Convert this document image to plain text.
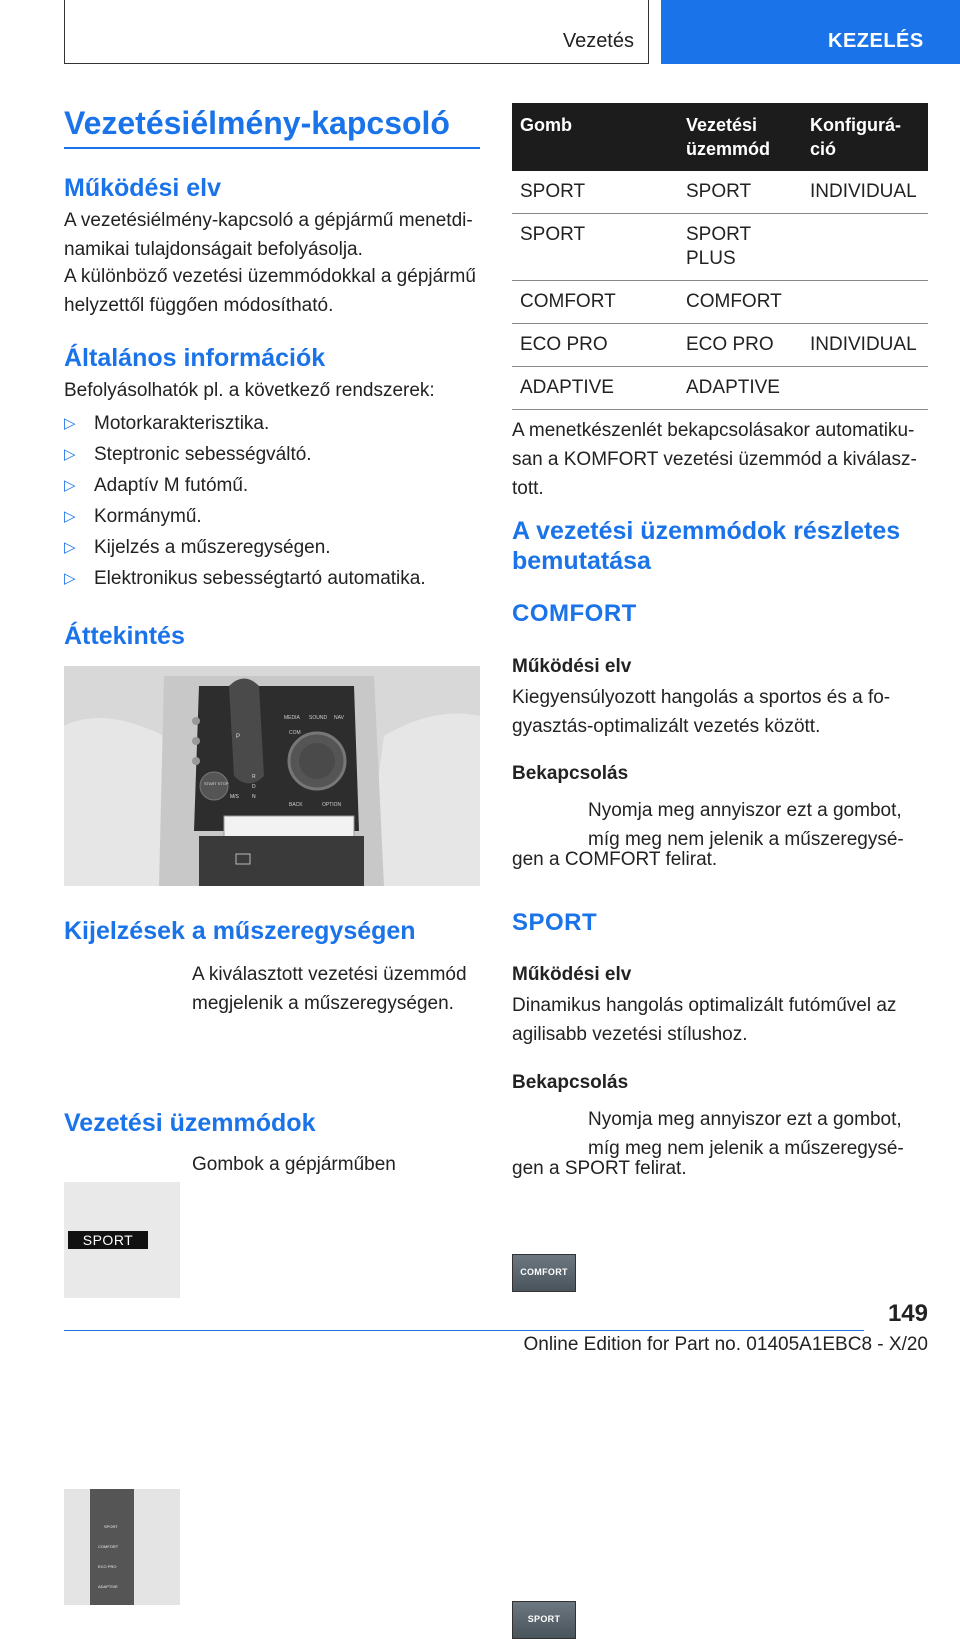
Vezetés	KEZELÉS
Vezetésiélmény-kapcsoló
Működési elv

A vezetésiélmény-kapcsoló a gépjármű menetdi-namikai tulajdonságait befolyásolja.

A különböző vezetési üzemmódokkal a gépjármű helyzettől függően módosítható.

Általános információk

Befolyásolhatók pl. a következő rendszerek:

▷ Motorkarakterisztika.
▷ Steptronic sebességváltó.
▷ Adaptív M futómű.
▷ Kormánymű.
▷ Kijelzés a műszeregységen.
▷ Elektronikus sebességtartó automatika.
Áttekintés
MEDIA SOUND NAV
COM
BACK	OPTION
P
START STOP
D
M/S
R
N
Kijelzések a műszeregységen
SPORT

A kiválasztott vezetési üzemmód megjelenik a műszeregységen.

Vezetési üzemmódok
SPORT
COMFORT
ECO PRO
ADAPTIVE

Gombok a gépjárműben

Gomb	Vezetési üzemmód	Konfigurá-ció
SPORT	SPORT	INDIVIDUAL
SPORT	SPORT PLUS	
COMFORT	COMFORT	
ECO PRO	ECO PRO	INDIVIDUAL
ADAPTIVE	ADAPTIVE	

A menetkészenlét bekapcsolásakor automatiku-san a KOMFORT vezetési üzemmód a kiválasz-tott.

A vezetési üzemmódok részletes bemutatása
COMFORT
Működési elv

Kiegyensúlyozott hangolás a sportos és a fo-gyasztás-optimalizált vezetés között.

Bekapcsolás
COMFORT

Nyomja meg annyiszor ezt a gombot, míg meg nem jelenik a műszeregysé-

gen a COMFORT felirat.

SPORT
Működési elv

Dinamikus hangolás optimalizált futóművel az agilisabb vezetési stílushoz.

Bekapcsolás
SPORT

Nyomja meg annyiszor ezt a gombot, míg meg nem jelenik a műszeregysé-

gen a SPORT felirat.

149
Online Edition for Part no. 01405A1EBC8 - X/20
